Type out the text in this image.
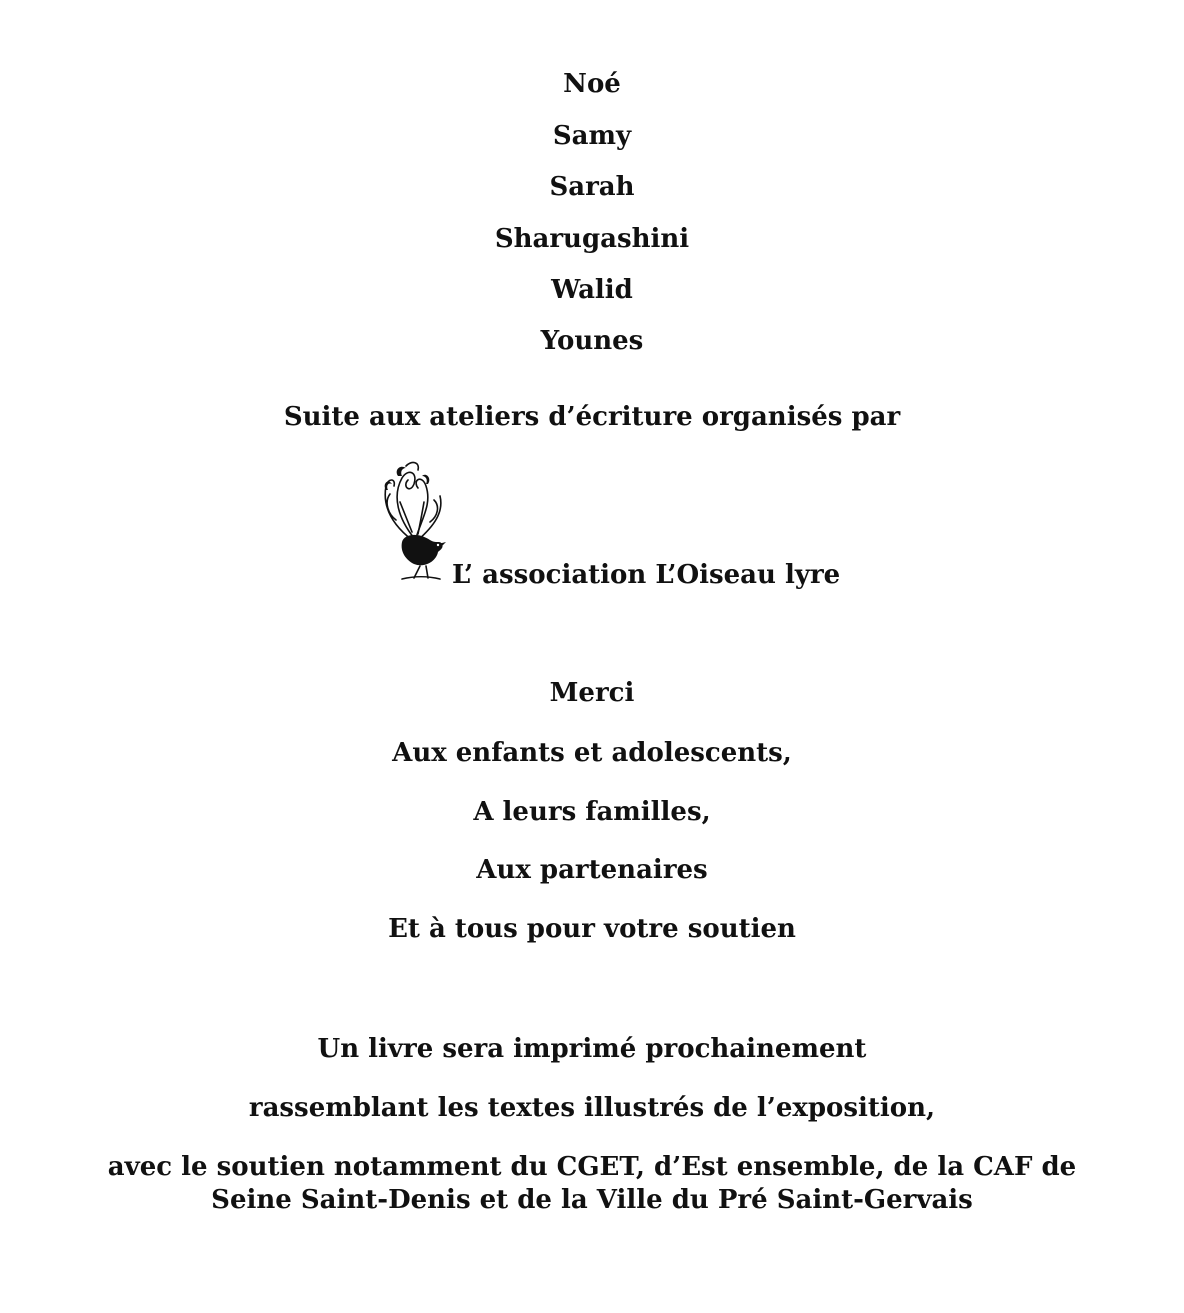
Noé
Samy
Sarah
Sharugashini
Walid
Younes
Suite aux ateliers d’écriture organisés par
L’ association L’Oiseau lyre
Merci
Aux enfants et adolescents,
A leurs familles,
Aux partenaires
Et à tous pour votre soutien
Un livre sera imprimé prochainement
rassemblant les textes illustrés de l’exposition,
avec le soutien notamment du CGET, d’Est ensemble, de la CAF de
Seine Saint-Denis et de la Ville du Pré Saint-Gervais
